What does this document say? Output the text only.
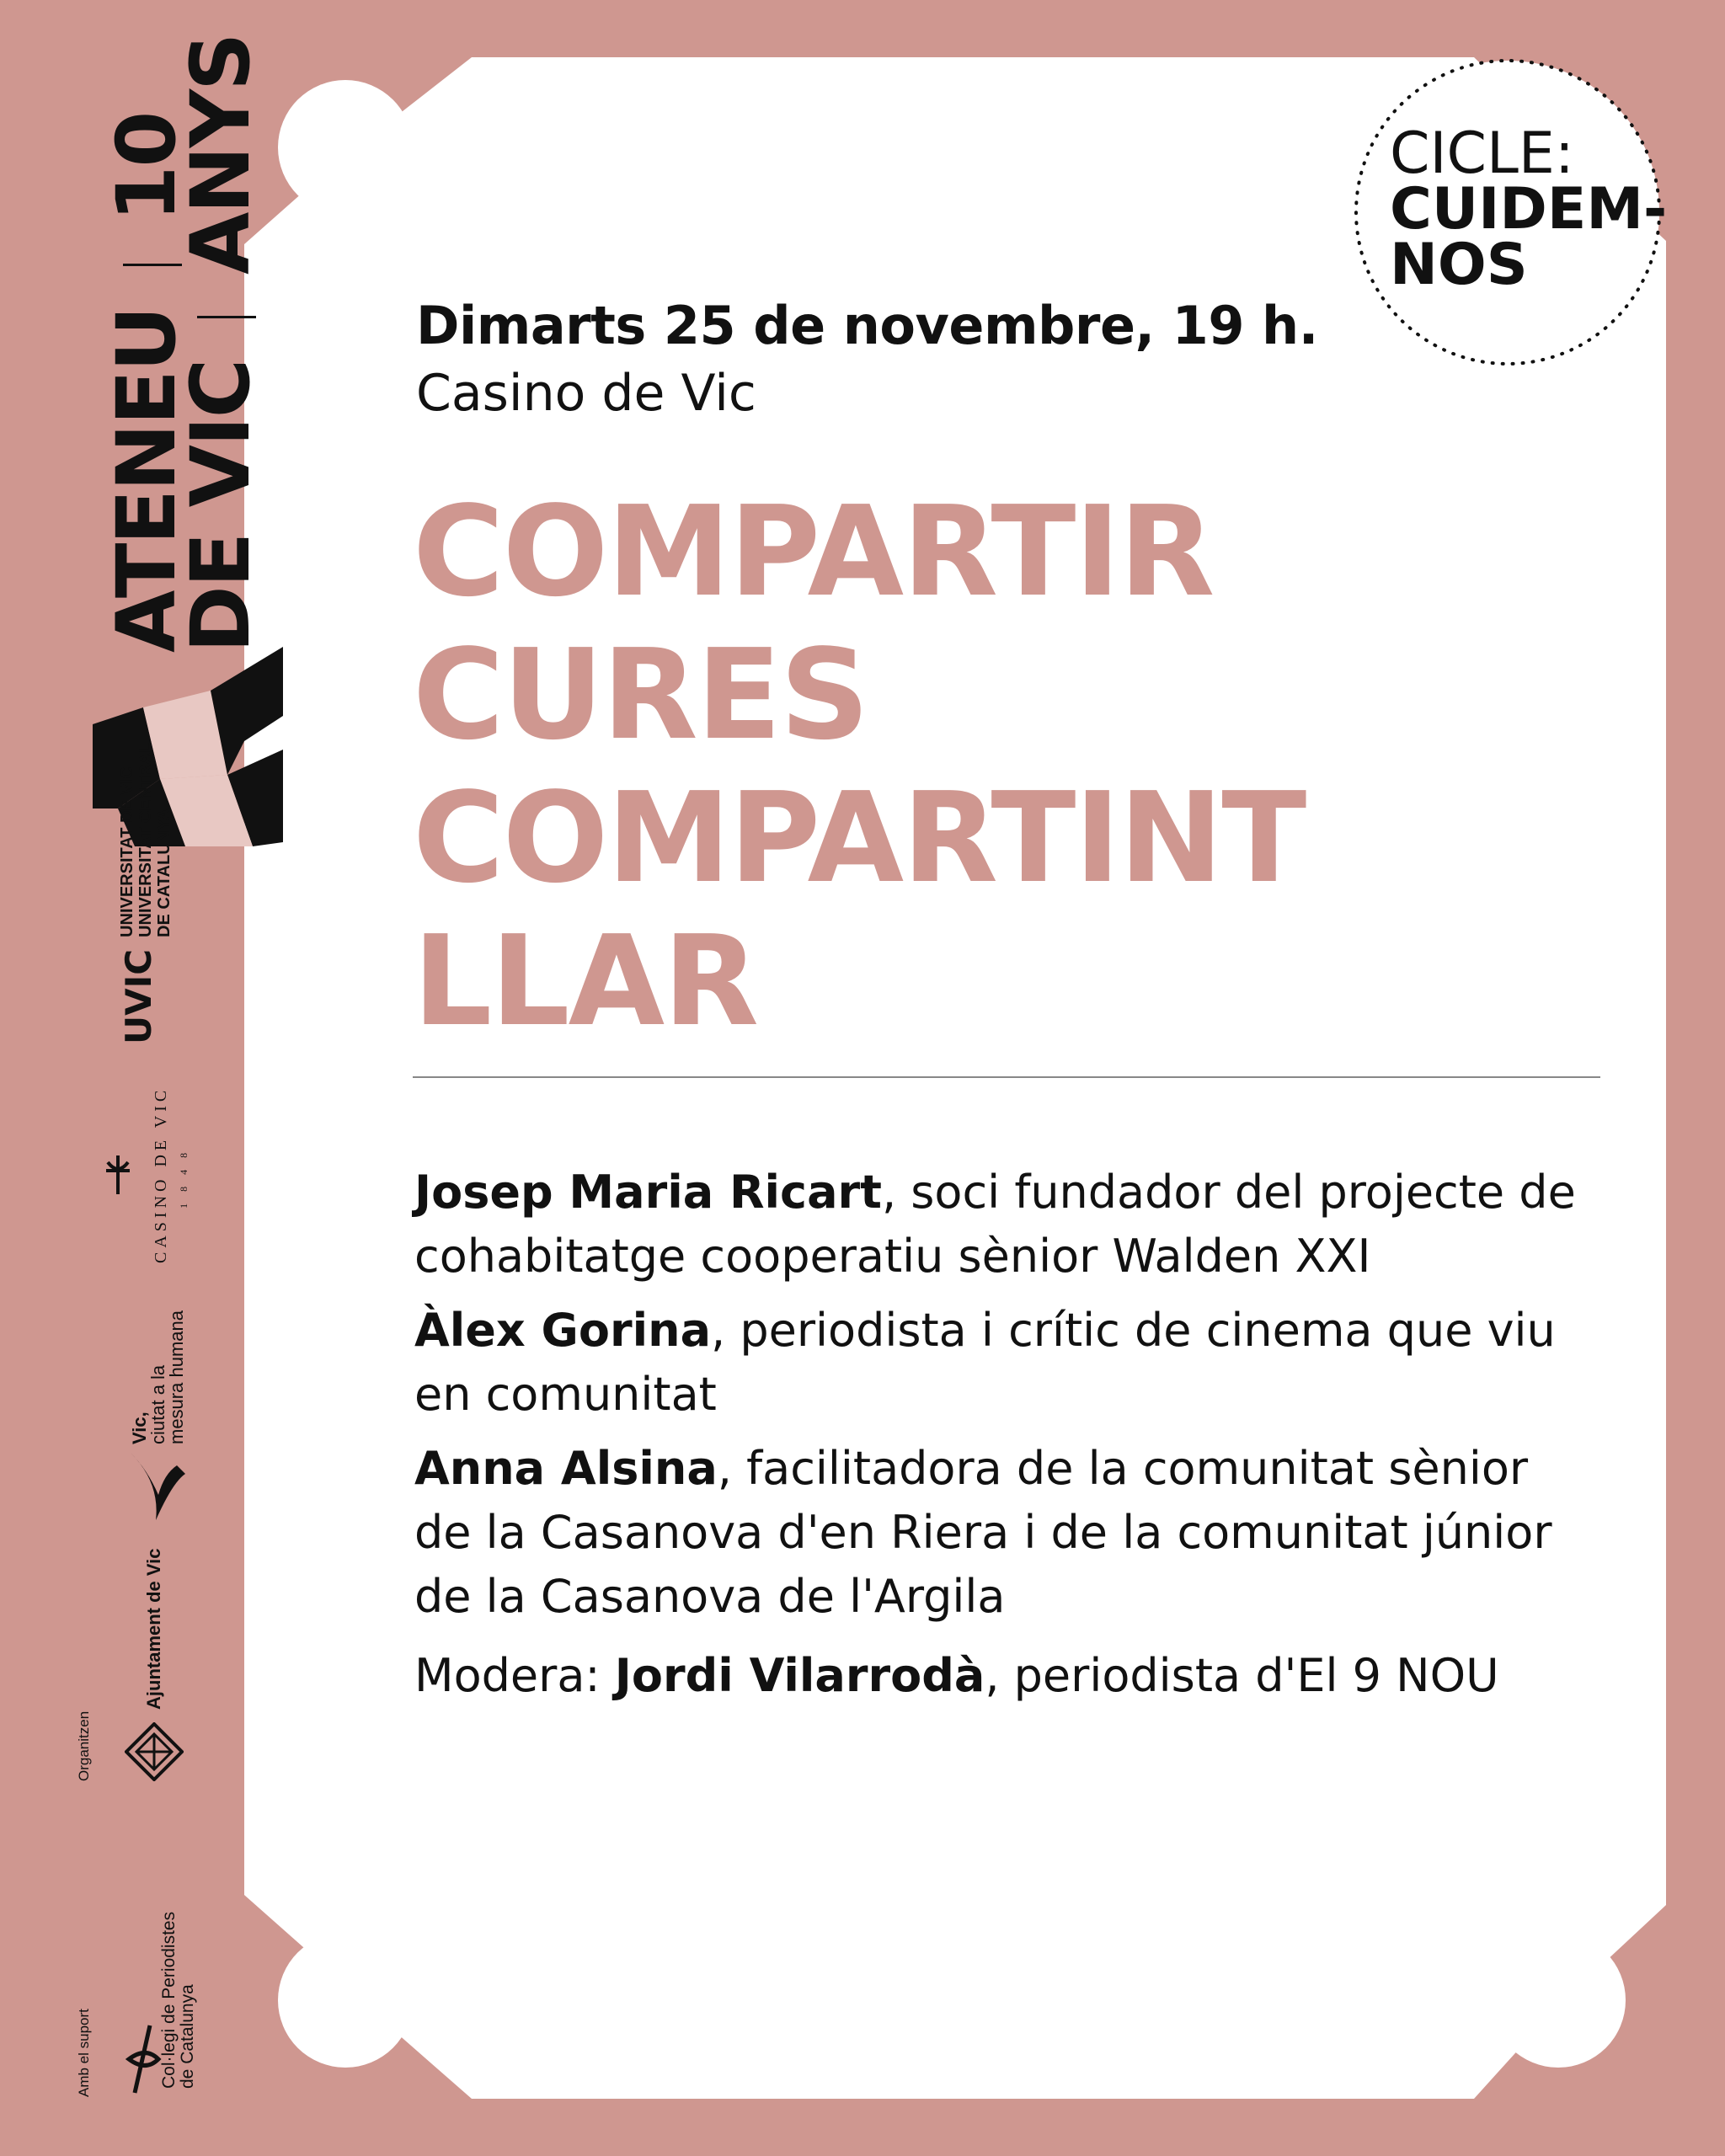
CICLE:
CUIDEM-
NOS
Dimarts 25 de novembre, 19 h.
Casino de Vic
COMPARTIR
CURES
COMPARTINT
LLAR
Josep Maria Ricart, soci fundador del projecte de cohabitatge cooperatiu sènior Walden XXI
Àlex Gorina, periodista i crític de cinema que viu en comunitat
Anna Alsina, facilitadora de la comunitat sènior de la Casanova d'en Riera i de la comunitat júnior de la Casanova de l'Argila
Modera: Jordi Vilarrodà, periodista d'El 9 NOU
ATENEU  10
DE VIC  ANYS
UVIC
UNIVERSITAT DE VIC UNIVERSITAT CENTRAL DE CATALUNYA
CASINO DE VIC 1848
Vic,
ciutat a la
mesura humana
Ajuntament de Vic
Organitzen
Amb el suport	Col·legi de Periodistes de Catalunya
